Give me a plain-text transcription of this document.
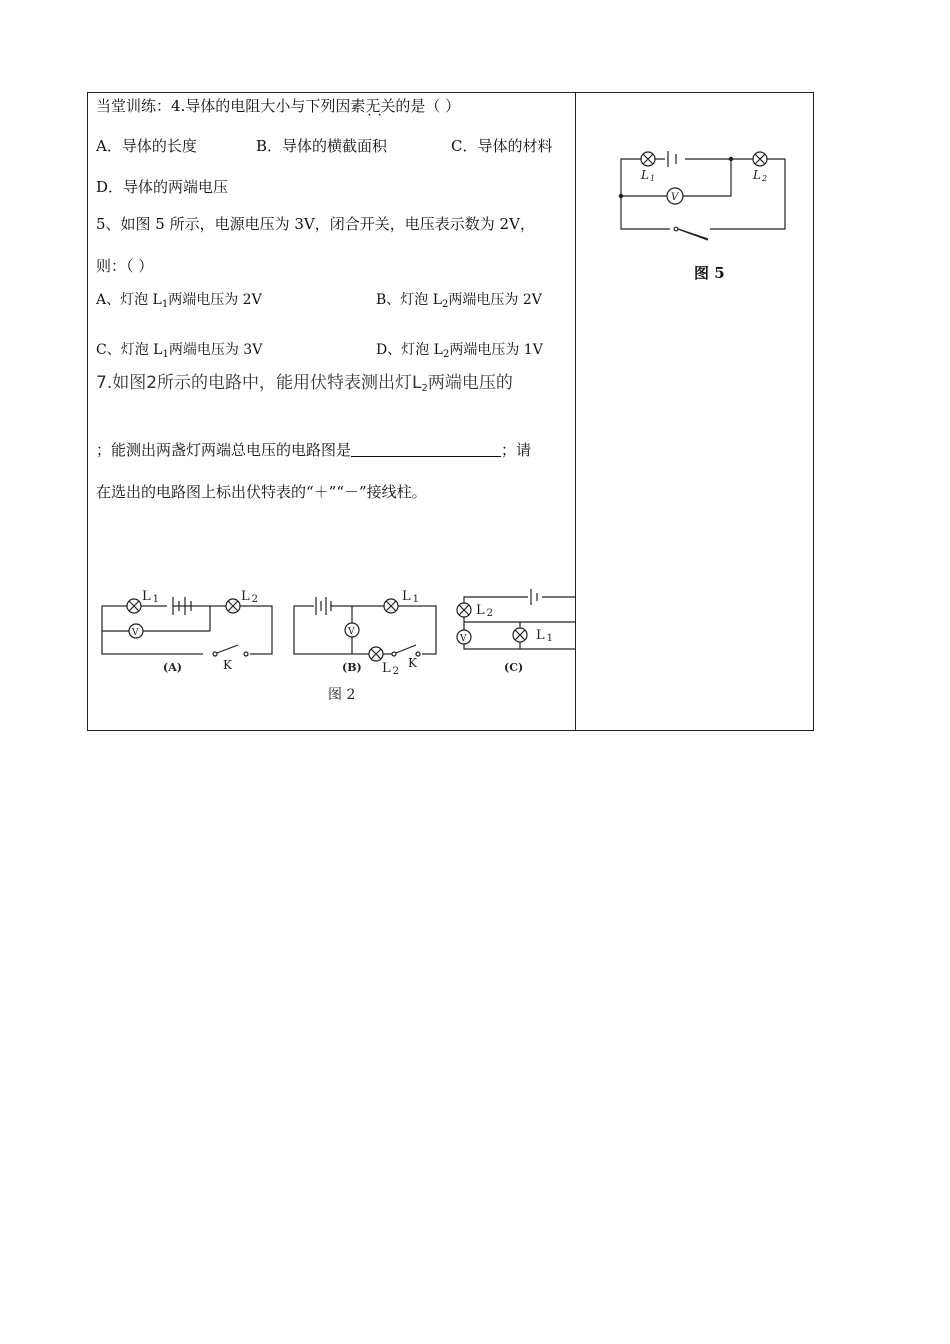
当堂训练：4.导体的电阻大小与下列因素无关 · ·的是（ ）
A．导体的长度	B．导体的横截面积	C．导体的材料
D．导体的两端电压
5、如图 5 所示，电源电压为 3V，闭合开关，电压表示数为 2V，
则：（ ）
A、灯泡 $L_1$两端电压为 2V	B、灯泡 $L_2$两端电压为 2V
C、灯泡 $L_1$两端电压为 3V	D、灯泡 $L_2$两端电压为 1V
7.如图2所示的电路中，能用伏特表测出灯$L_2$两端电压的
；能测出两盏灯两端总电压的电路图是	；请
在选出的电路图上标出伏特表的“＋”“－”接线柱。
L 1	L 2
V
K
(A)
V
L 1
L 2
K
(B)
L 2
V	L 1
(C)
图 2
L1	L2
V
图 5
